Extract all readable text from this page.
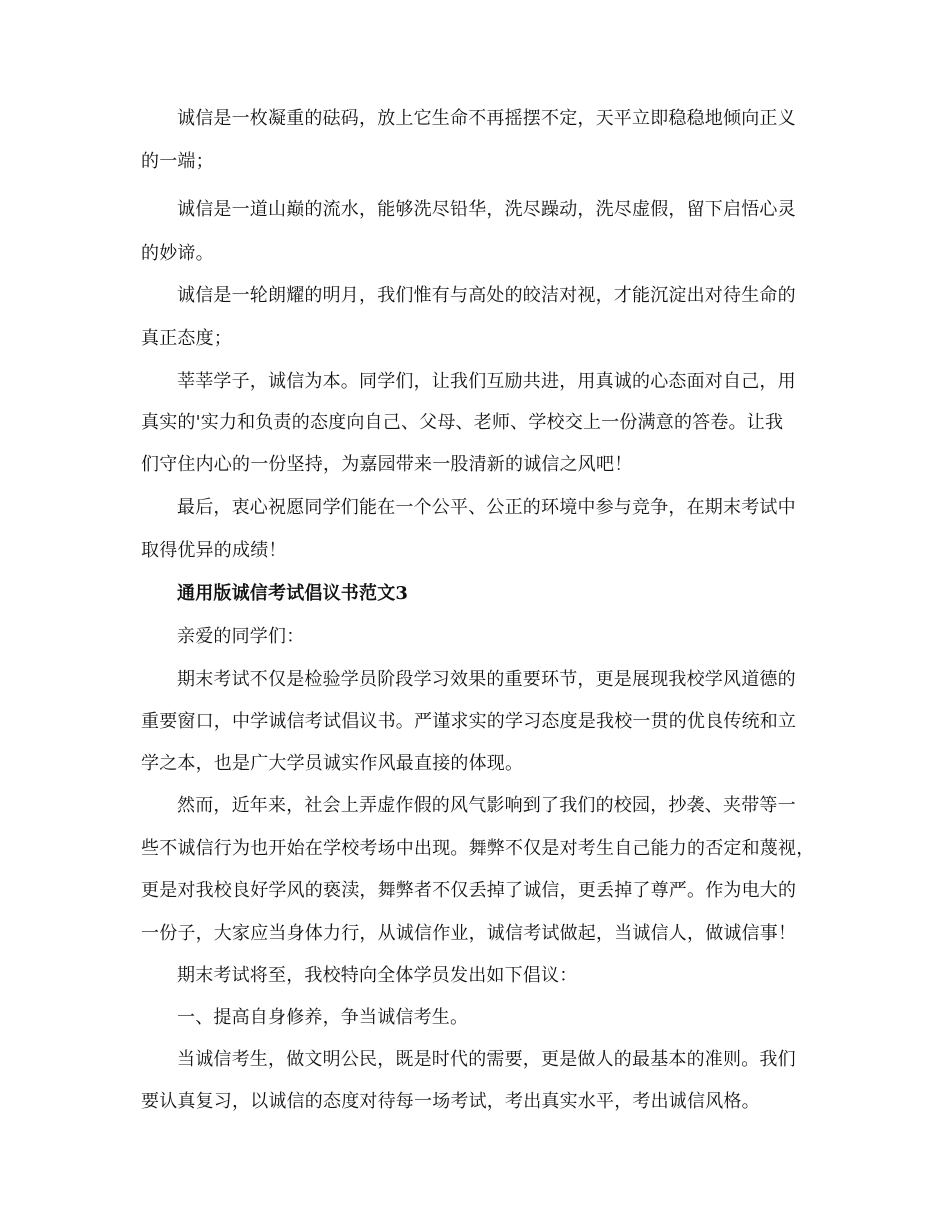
诚信是一枚凝重的砝码，放上它生命不再摇摆不定，天平立即稳稳地倾向正义
的一端；
诚信是一道山巅的流水，能够洗尽铅华，洗尽躁动，洗尽虚假，留下启悟心灵
的妙谛。
诚信是一轮朗耀的明月，我们惟有与高处的皎洁对视，才能沉淀出对待生命的
真正态度；
莘莘学子，诚信为本。同学们，让我们互励共进，用真诚的心态面对自己，用
真实的'实力和负责的态度向自己、父母、老师、学校交上一份满意的答卷。让我
们守住内心的一份坚持，为嘉园带来一股清新的诚信之风吧！
最后，衷心祝愿同学们能在一个公平、公正的环境中参与竞争，在期末考试中
取得优异的成绩！
通用版诚信考试倡议书范文3
亲爱的同学们：
期末考试不仅是检验学员阶段学习效果的重要环节，更是展现我校学风道德的
重要窗口，中学诚信考试倡议书。严谨求实的学习态度是我校一贯的优良传统和立
学之本，也是广大学员诚实作风最直接的体现。
然而，近年来，社会上弄虚作假的风气影响到了我们的校园，抄袭、夹带等一
些不诚信行为也开始在学校考场中出现。舞弊不仅是对考生自己能力的否定和蔑视，
更是对我校良好学风的亵渎，舞弊者不仅丢掉了诚信，更丢掉了尊严。作为电大的
一份子，大家应当身体力行，从诚信作业，诚信考试做起，当诚信人，做诚信事！
期末考试将至，我校特向全体学员发出如下倡议：
一、提高自身修养，争当诚信考生。
当诚信考生，做文明公民，既是时代的需要，更是做人的最基本的准则。我们
要认真复习，以诚信的态度对待每一场考试，考出真实水平，考出诚信风格。
